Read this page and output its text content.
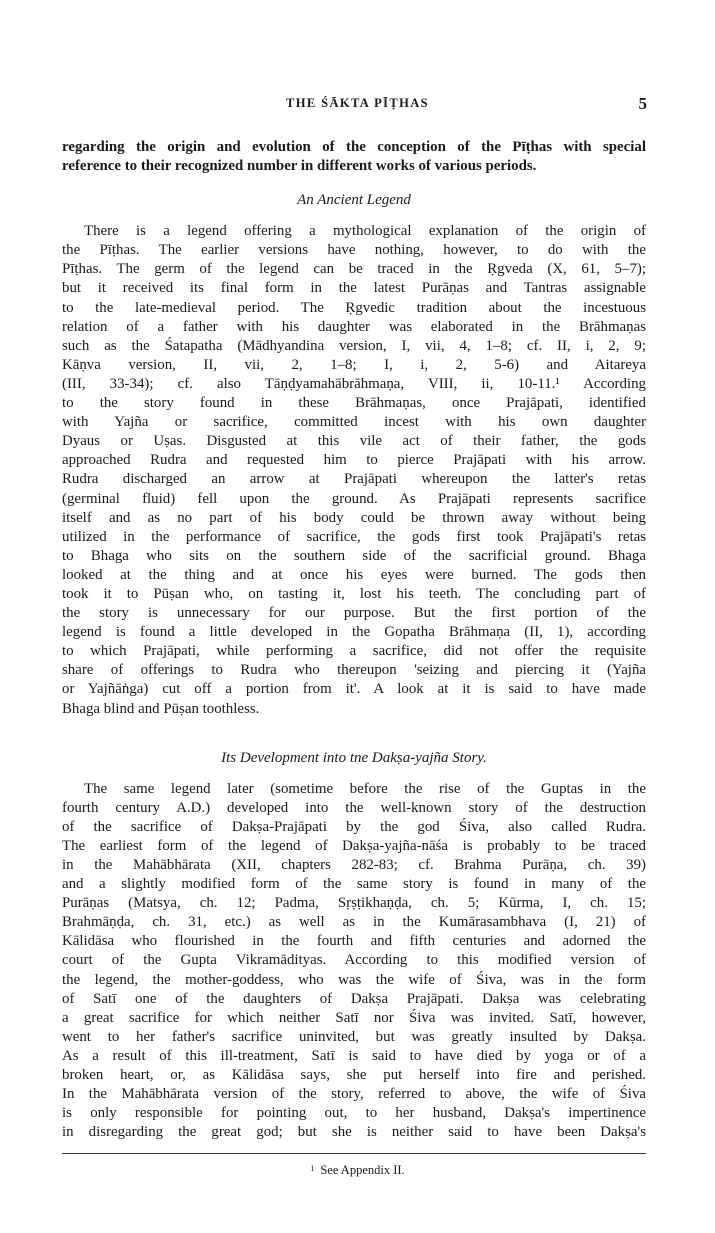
THE ŚĀKTA PĪṬHAS	5
regarding the origin and evolution of the conception of the Pīṭhas with special
reference to their recognized number in different works of various periods.
An Ancient Legend
There is a legend offering a mythological explanation of the origin of
the Pīṭhas. The earlier versions have nothing, however, to do with the
Pīṭhas. The germ of the legend can be traced in the Ṛgveda (X, 61, 5–7);
but it received its final form in the latest Purāṇas and Tantras assignable
to the late-medieval period. The Ṛgvedic tradition about the incestuous
relation of a father with his daughter was elaborated in the Brāhmaṇas
such as the Śatapatha (Mādhyandina version, I, vii, 4, 1–8; cf. II, i, 2, 9;
Kāṇva version, II, vii, 2, 1–8; I, i, 2, 5-6) and Aitareya
(III, 33-34); cf. also Tāṇḍyamahābrāhmaṇa, VIII, ii, 10-11.¹ According
to the story found in these Brāhmaṇas, once Prajāpati, identified
with Yajña or sacrifice, committed incest with his own daughter
Dyaus or Uṣas. Disgusted at this vile act of their father, the gods
approached Rudra and requested him to pierce Prajāpati with his arrow.
Rudra discharged an arrow at Prajāpati whereupon the latter's retas
(germinal fluid) fell upon the ground. As Prajāpati represents sacrifice
itself and as no part of his body could be thrown away without being
utilized in the performance of sacrifice, the gods first took Prajāpati's retas
to Bhaga who sits on the southern side of the sacrificial ground. Bhaga
looked at the thing and at once his eyes were burned. The gods then
took it to Pūṣan who, on tasting it, lost his teeth. The concluding part of
the story is unnecessary for our purpose. But the first portion of the
legend is found a little developed in the Gopatha Brāhmaṇa (II, 1), according
to which Prajāpati, while performing a sacrifice, did not offer the requisite
share of offerings to Rudra who thereupon 'seizing and piercing it (Yajña
or Yajñāṅga) cut off a portion from it'. A look at it is said to have made
Bhaga blind and Pūṣan toothless.
Its Development into tne Dakṣa-yajña Story.
The same legend later (sometime before the rise of the Guptas in the
fourth century A.D.) developed into the well-known story of the destruction
of the sacrifice of Dakṣa-Prajāpati by the god Śiva, also called Rudra.
The earliest form of the legend of Dakṣa-yajña-nāśa is probably to be traced
in the Mahābhārata (XII, chapters 282-83; cf. Brahma Purāṇa, ch. 39)
and a slightly modified form of the same story is found in many of the
Purāṇas (Matsya, ch. 12; Padma, Sṛṣṭikhaṇḍa, ch. 5; Kūrma, I, ch. 15;
Brahmāṇḍa, ch. 31, etc.) as well as in the Kumārasambhava (I, 21) of
Kālidāsa who flourished in the fourth and fifth centuries and adorned the
court of the Gupta Vikramādityas. According to this modified version of
the legend, the mother-goddess, who was the wife of Śiva, was in the form
of Satī one of the daughters of Dakṣa Prajāpati. Dakṣa was celebrating
a great sacrifice for which neither Satī nor Śiva was invited. Satī, however,
went to her father's sacrifice uninvited, but was greatly insulted by Dakṣa.
As a result of this ill-treatment, Satī is said to have died by yoga or of a
broken heart, or, as Kālidāsa says, she put herself into fire and perished.
In the Mahābhārata version of the story, referred to above, the wife of Śiva
is only responsible for pointing out, to her husband, Dakṣa's impertinence
in disregarding the great god; but she is neither said to have been Dakṣa's
$^1$ See Appendix II.
